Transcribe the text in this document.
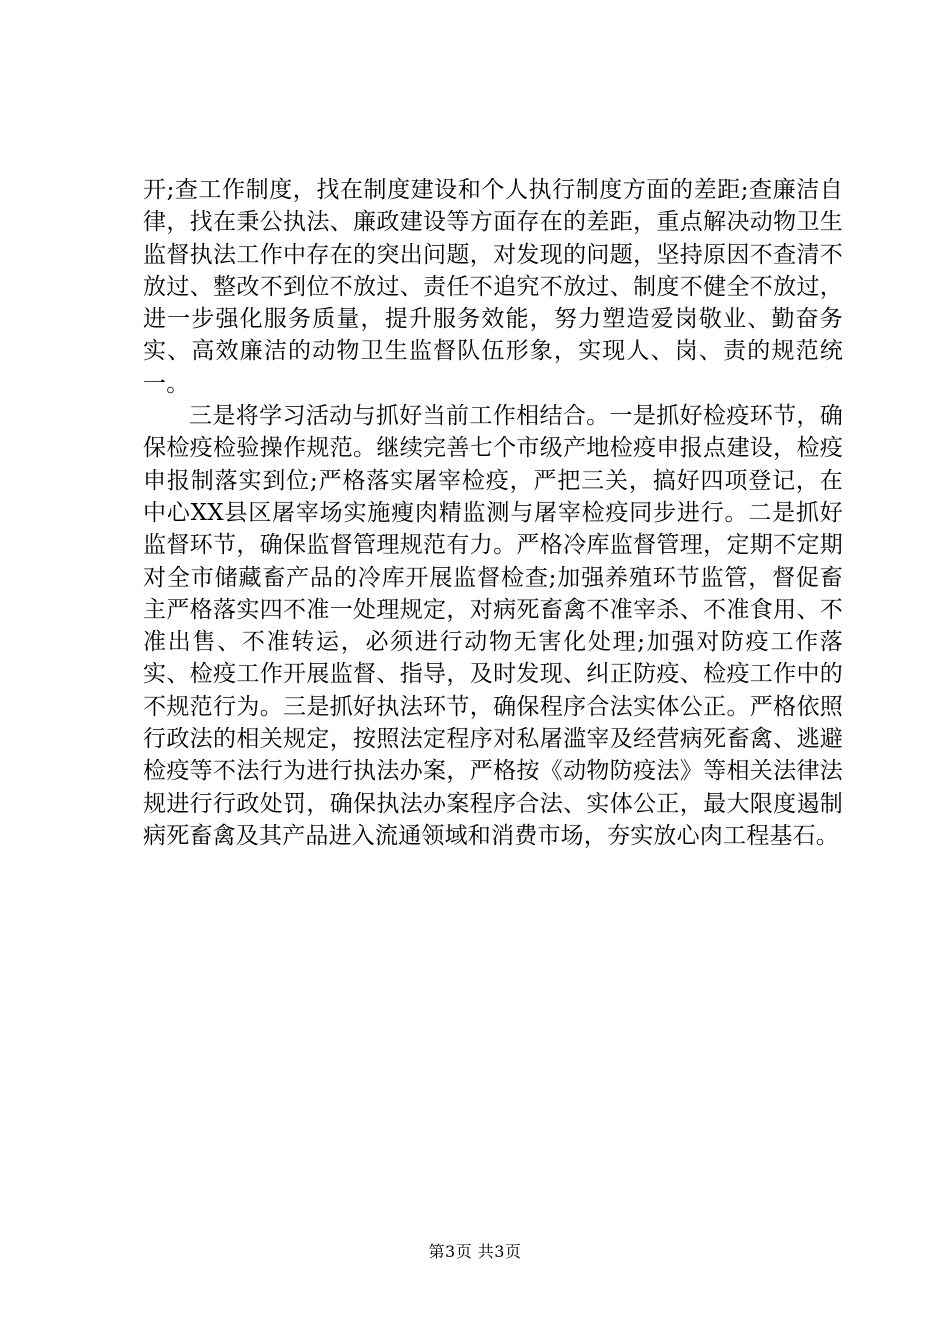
开;查工作制度，找在制度建设和个人执行制度方面的差距;查廉洁自律，找在秉公执法、廉政建设等方面存在的差距，重点解决动物卫生监督执法工作中存在的突出问题，对发现的问题，坚持原因不查清不放过、整改不到位不放过、责任不追究不放过、制度不健全不放过，进一步强化服务质量，提升服务效能，努力塑造爱岗敬业、勤奋务实、高效廉洁的动物卫生监督队伍形象，实现人、岗、责的规范统一。

三是将学习活动与抓好当前工作相结合。一是抓好检疫环节，确保检疫检验操作规范。继续完善七个市级产地检疫申报点建设，检疫申报制落实到位;严格落实屠宰检疫，严把三关，搞好四项登记，在中心XX县区屠宰场实施瘦肉精监测与屠宰检疫同步进行。二是抓好监督环节，确保监督管理规范有力。严格冷库监督管理，定期不定期对全市储藏畜产品的冷库开展监督检查;加强养殖环节监管，督促畜主严格落实四不准一处理规定，对病死畜禽不准宰杀、不准食用、不准出售、不准转运，必须进行动物无害化处理;加强对防疫工作落实、检疫工作开展监督、指导，及时发现、纠正防疫、检疫工作中的不规范行为。三是抓好执法环节，确保程序合法实体公正。严格依照行政法的相关规定，按照法定程序对私屠滥宰及经营病死畜禽、逃避检疫等不法行为进行执法办案，严格按《动物防疫法》等相关法律法规进行行政处罚，确保执法办案程序合法、实体公正，最大限度遏制病死畜禽及其产品进入流通领域和消费市场，夯实放心肉工程基石。

第3页 共3页
